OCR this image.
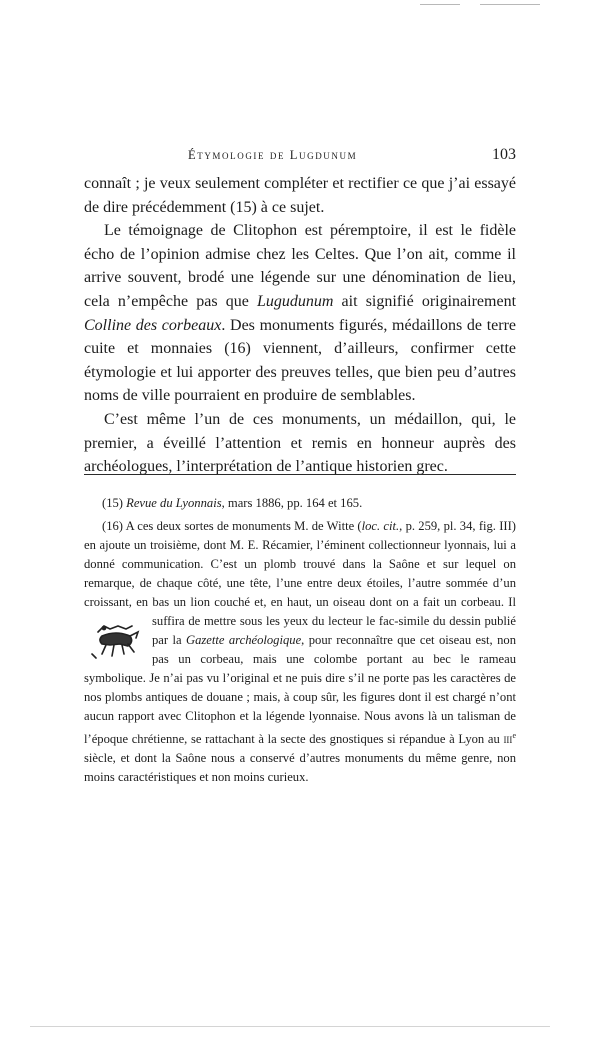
Étymologie de Lugdunum	103

connaît ; je veux seulement compléter et rectifier ce que j’ai essayé de dire précédemment (15) à ce sujet.

Le témoignage de Clitophon est péremptoire, il est le fidèle écho de l’opinion admise chez les Celtes. Que l’on ait, comme il arrive souvent, brodé une légende sur une dénomination de lieu, cela n’empêche pas que Lugudunum ait signifié originairement Colline des corbeaux. Des monuments figurés, médaillons de terre cuite et monnaies (16) viennent, d’ailleurs, confirmer cette étymologie et lui apporter des preuves telles, que bien peu d’autres noms de ville pourraient en produire de semblables.

C’est même l’un de ces monuments, un médaillon, qui, le premier, a éveillé l’attention et remis en honneur auprès des archéologues, l’interprétation de l’antique historien grec.

(15) Revue du Lyonnais, mars 1886, pp. 164 et 165.

(16) A ces deux sortes de monuments M. de Witte (loc. cit., p. 259, pl. 34, fig. III) en ajoute un troisième, dont M. E. Récamier, l’éminent collectionneur lyonnais, lui a donné communication. C’est un plomb trouvé dans la Saône et sur lequel on remarque, de chaque côté, une tête, l’une entre deux étoiles, l’autre sommée d’un croissant, en bas un lion couché et, en haut, un oiseau dont on a fait un corbeau. Il
suffira de mettre sous les yeux du lecteur le fac-simile du dessin publié par la Gazette archéologique, pour reconnaître que cet oiseau est, non pas un corbeau, mais une colombe portant au bec le rameau symbolique. Je n’ai pas vu l’original et ne puis dire s’il ne porte pas les caractères de nos plombs antiques de douane ; mais, à coup sûr, les figures dont il est chargé n’ont aucun rapport avec Clitophon et la légende lyonnaise. Nous avons là un talisman de l’époque chrétienne, se rattachant à la secte des gnostiques si répandue à Lyon au iii$^e$ siècle, et dont la Saône nous a conservé d’autres monuments du même genre, non moins caractéristiques et non moins curieux.
